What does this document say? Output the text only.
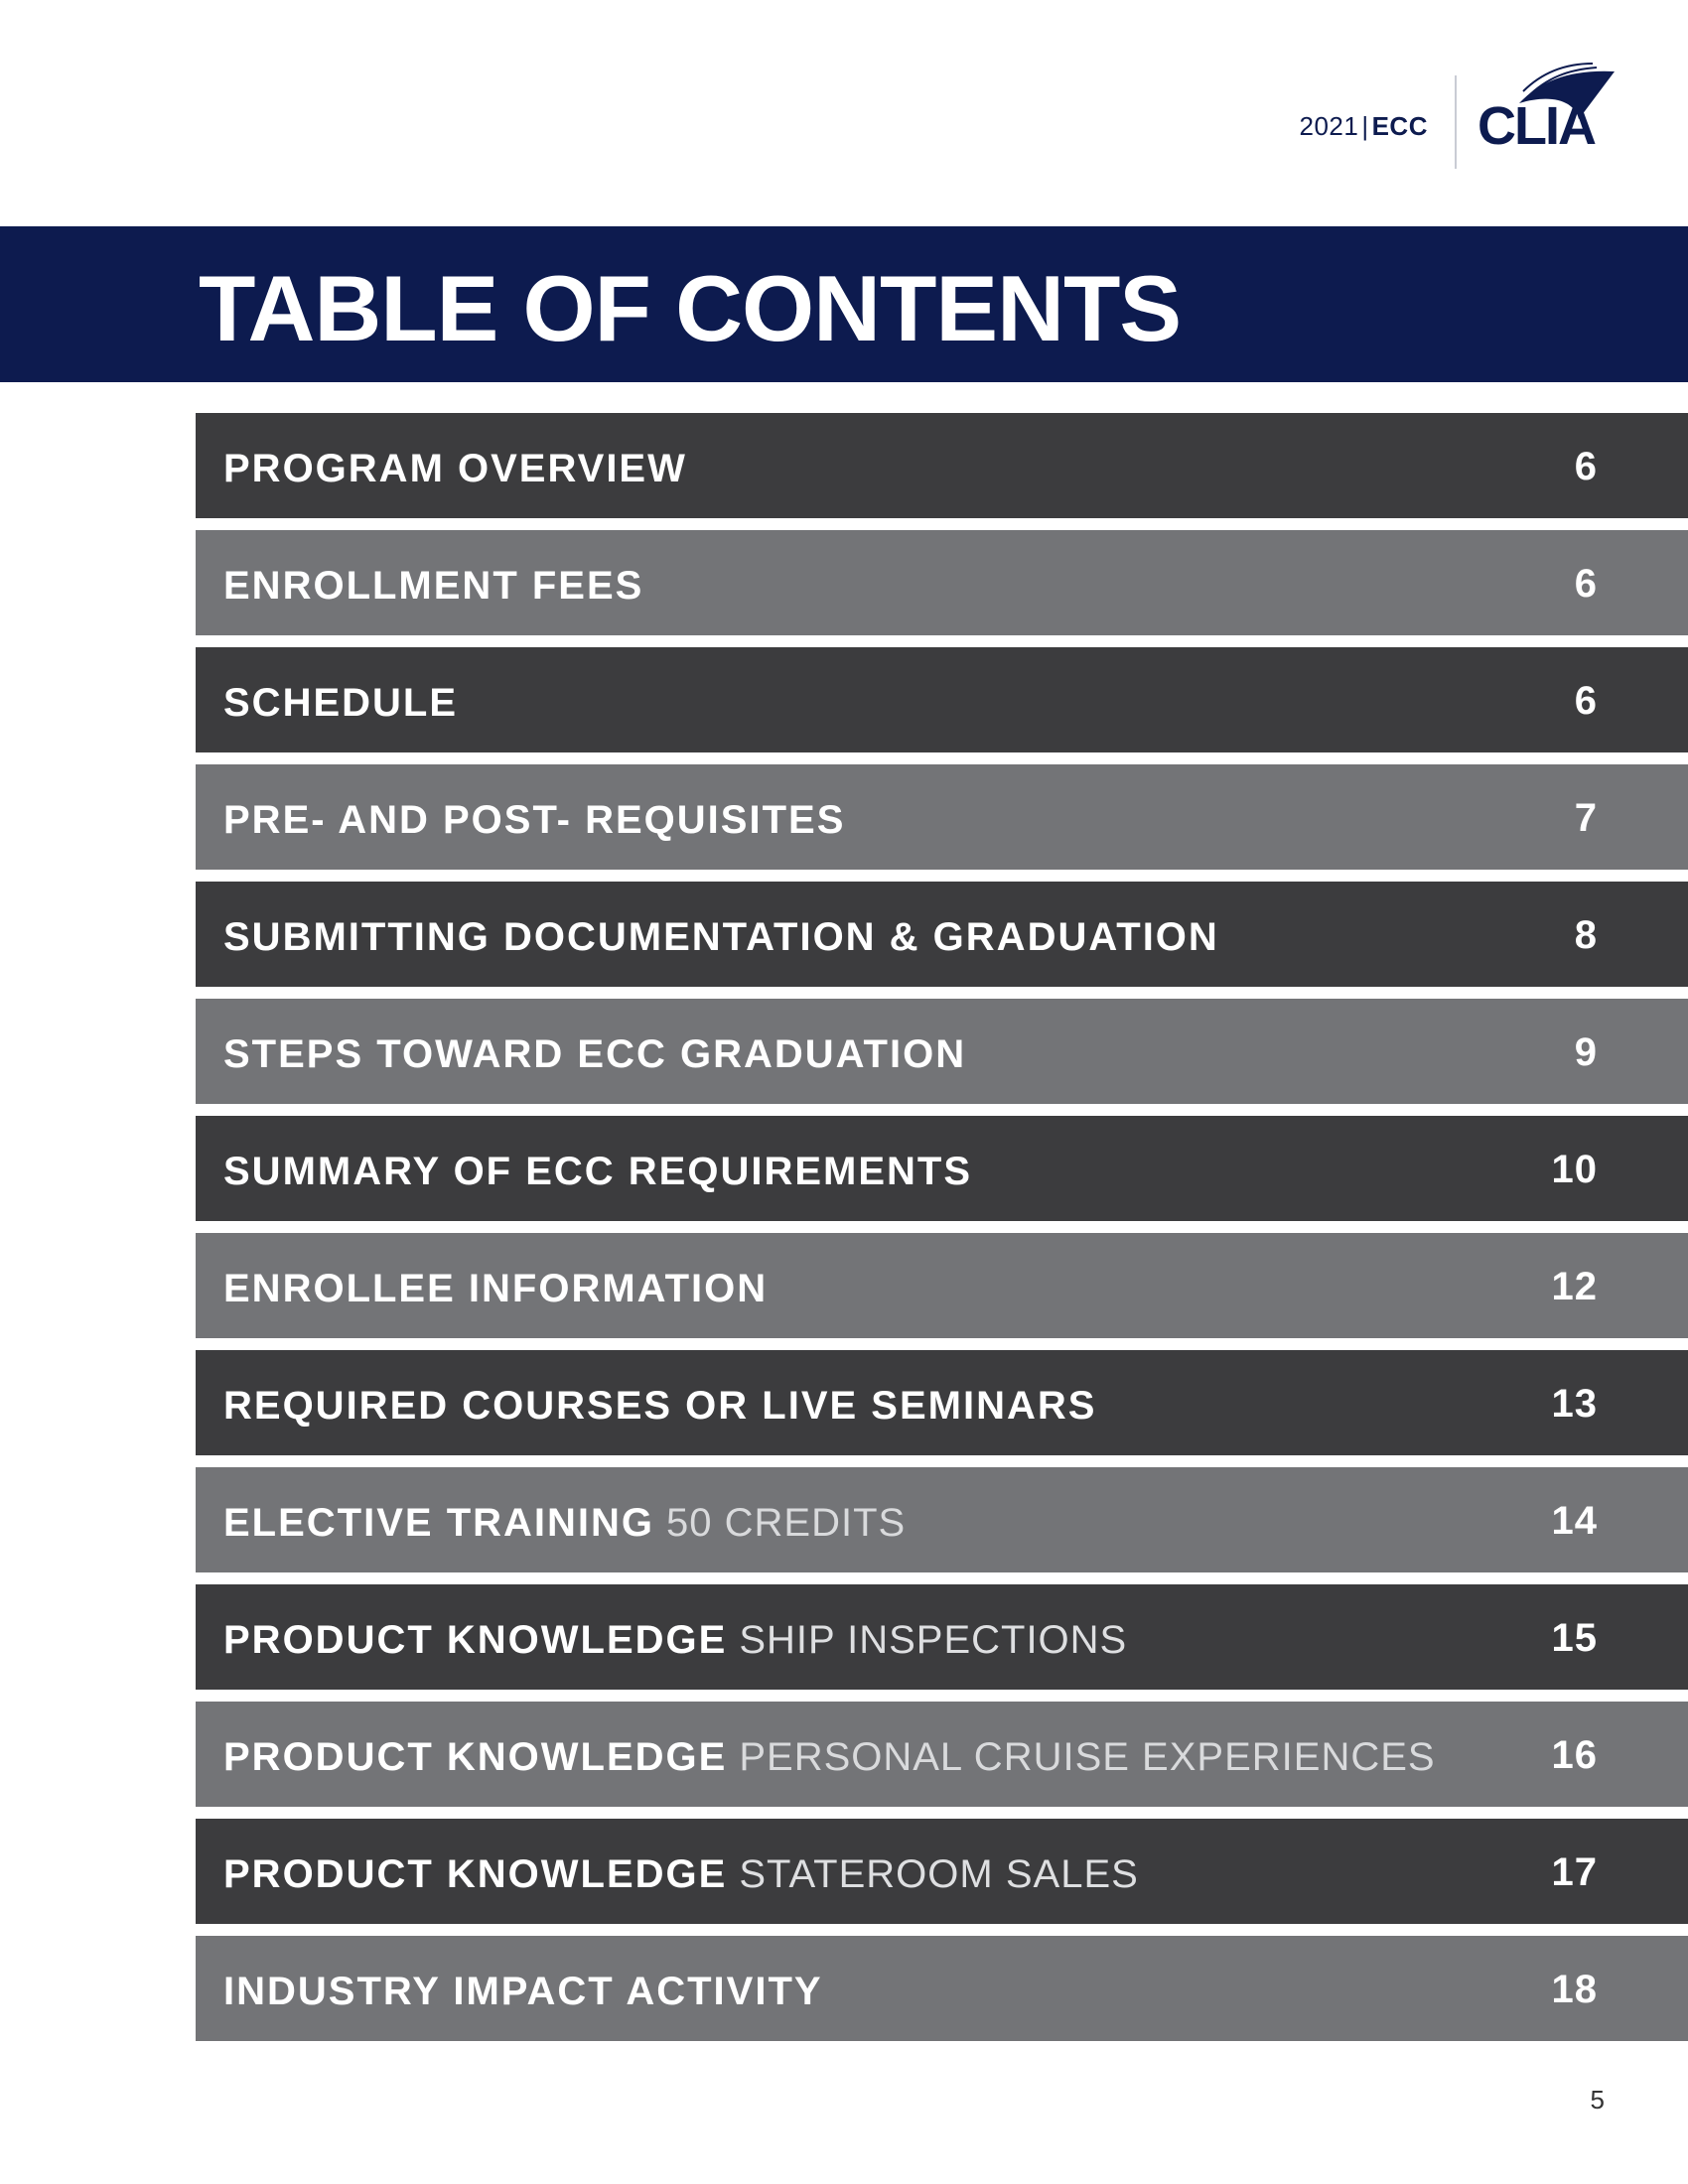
2021 | ECC CLIA
TABLE OF CONTENTS
PROGRAM OVERVIEW	6
ENROLLMENT FEES	6
SCHEDULE	6
PRE- AND POST- REQUISITES	7
SUBMITTING DOCUMENTATION & GRADUATION	8
STEPS TOWARD ECC GRADUATION	9
SUMMARY OF ECC REQUIREMENTS	10
ENROLLEE INFORMATION	12
REQUIRED COURSES OR LIVE SEMINARS	13
ELECTIVE TRAINING 50 CREDITS	14
PRODUCT KNOWLEDGE SHIP INSPECTIONS	15
PRODUCT KNOWLEDGE PERSONAL CRUISE EXPERIENCES	16
PRODUCT KNOWLEDGE STATEROOM SALES	17
INDUSTRY IMPACT ACTIVITY	18
5
